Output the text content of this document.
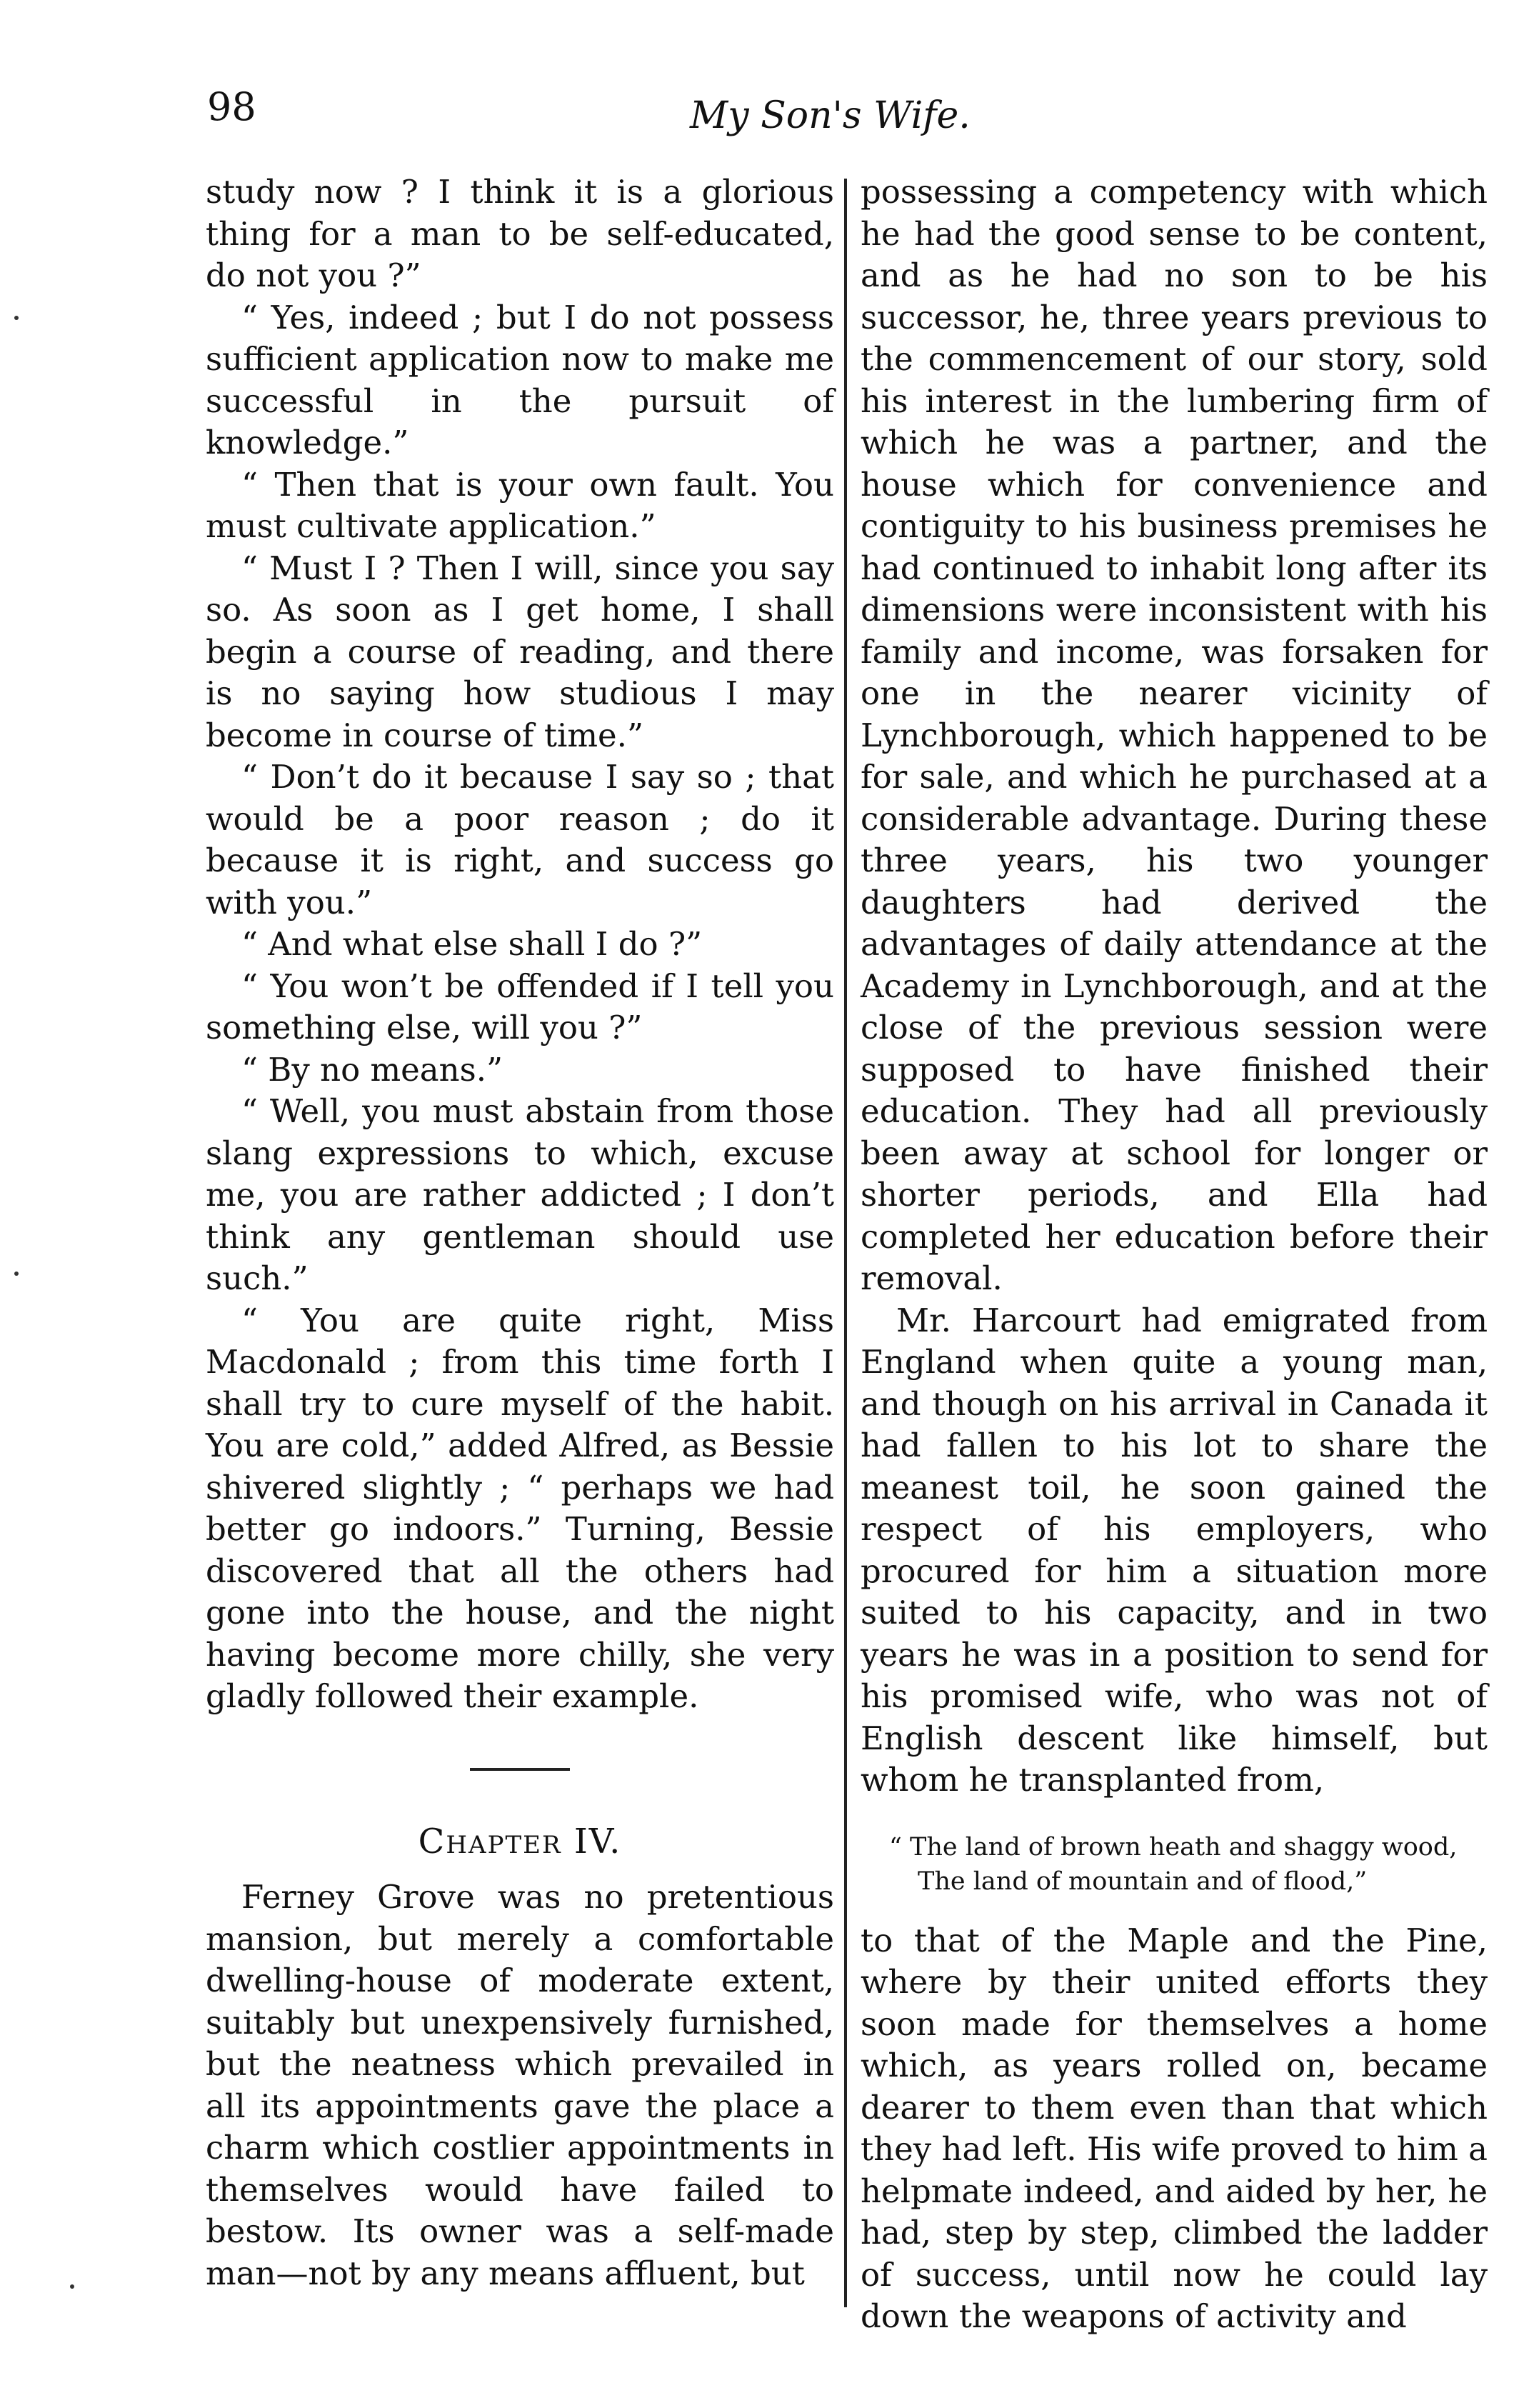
98	My Son's Wife.

study now ? I think it is a glorious thing for a man to be self-educated, do not you ?”

“ Yes, indeed ; but I do not possess sufficient application now to make me successful in the pursuit of knowledge.”

“ Then that is your own fault. You must cultivate application.”

“ Must I ? Then I will, since you say so. As soon as I get home, I shall begin a course of reading, and there is no saying how studious I may become in course of time.”

“ Don’t do it because I say so ; that would be a poor reason ; do it because it is right, and success go with you.”

“ And what else shall I do ?”

“ You won’t be offended if I tell you something else, will you ?”

“ By no means.”

“ Well, you must abstain from those slang expressions to which, excuse me, you are rather addicted ; I don’t think any gentleman should use such.”

“ You are quite right, Miss Macdonald ; from this time forth I shall try to cure myself of the habit. You are cold,” added Alfred, as Bessie shivered slightly ; “ perhaps we had better go indoors.” Turning, Bessie discovered that all the others had gone into the house, and the night having become more chilly, she very gladly followed their example.

Chapter IV.

Ferney Grove was no pretentious mansion, but merely a comfortable dwelling-house of moderate extent, suitably but unexpensively furnished, but the neatness which prevailed in all its appointments gave the place a charm which costlier appointments in themselves would have failed to bestow. Its owner was a self-made man—not by any means affluent, but

possessing a competency with which he had the good sense to be content, and as he had no son to be his successor, he, three years previous to the commencement of our story, sold his interest in the lumbering firm of which he was a partner, and the house which for convenience and contiguity to his business premises he had continued to inhabit long after its dimensions were inconsistent with his family and income, was forsaken for one in the nearer vicinity of Lynchborough, which happened to be for sale, and which he purchased at a considerable advantage. During these three years, his two younger daughters had derived the advantages of daily attendance at the Academy in Lynchborough, and at the close of the previous session were supposed to have finished their education. They had all previously been away at school for longer or shorter periods, and Ella had completed her education before their removal.

Mr. Harcourt had emigrated from England when quite a young man, and though on his arrival in Canada it had fallen to his lot to share the meanest toil, he soon gained the respect of his employers, who procured for him a situation more suited to his capacity, and in two years he was in a position to send for his promised wife, who was not of English descent like himself, but whom he transplanted from,

“ The land of brown heath and shaggy wood,
The land of mountain and of flood,”

to that of the Maple and the Pine, where by their united efforts they soon made for themselves a home which, as years rolled on, became dearer to them even than that which they had left. His wife proved to him a helpmate indeed, and aided by her, he had, step by step, climbed the ladder of success, until now he could lay down the weapons of activity and
